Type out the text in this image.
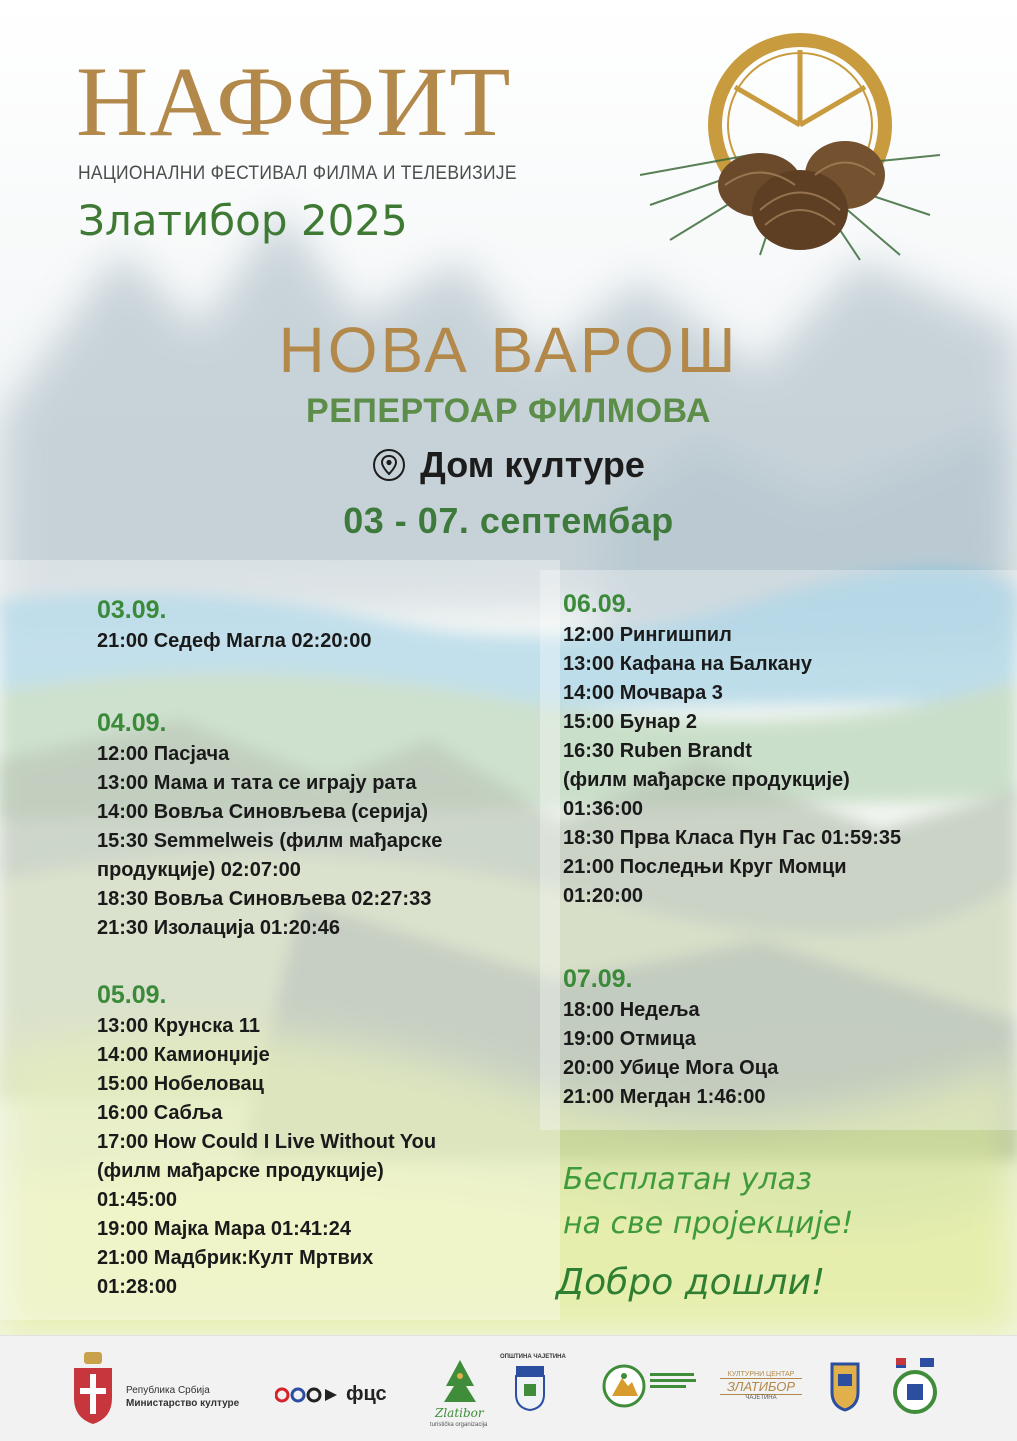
НАФФИТ
НАЦИОНАЛНИ ФЕСТИВАЛ ФИЛМА И ТЕЛЕВИЗИЈЕ
Златибор 2025
НОВА ВАРОШ
РЕПЕРТОАР ФИЛМОВА
Дом културе
03 - 07. септембар
03.09.
21:00 Седеф Магла 02:20:00
04.09.
12:00 Пасјача
13:00 Мама и тата се играју рата
14:00 Вовља Синовљева (серија)
15:30 Semmelweis (филм мађарске
продукције) 02:07:00
18:30 Вовља Синовљева 02:27:33
21:30 Изолација 01:20:46
05.09.
13:00 Крунска 11
14:00 Камионџије
15:00 Нобеловац
16:00 Сабља
17:00 How Could I Live Without You
(филм мађарске продукције)
01:45:00
19:00 Мајка Мара 01:41:24
21:00 Мадбрик:Култ Мртвих
01:28:00
06.09.
12:00 Рингишпил
13:00 Кафана на Балкану
14:00 Мочвара 3
15:00 Бунар 2
16:30 Ruben Brandt
(филм мађарске продукције)
01:36:00
18:30 Прва Класа Пун Гас 01:59:35
21:00 Последњи Круг Момци
01:20:00
07.09.
18:00 Недеља
19:00 Отмица
20:00 Убице Мога Оца
21:00 Мегдан 1:46:00
Бесплатан улаз
на све пројекције!
Добро дошли!
Република Србија
Министарство културе	фцс
Zlatibor
turistička organizacija
ОПШТИНА ЧАЈЕТИНА
КУЛТУРНИ ЦЕНТАР
ЗЛАТИБОР
ЧАЈЕТИНА
